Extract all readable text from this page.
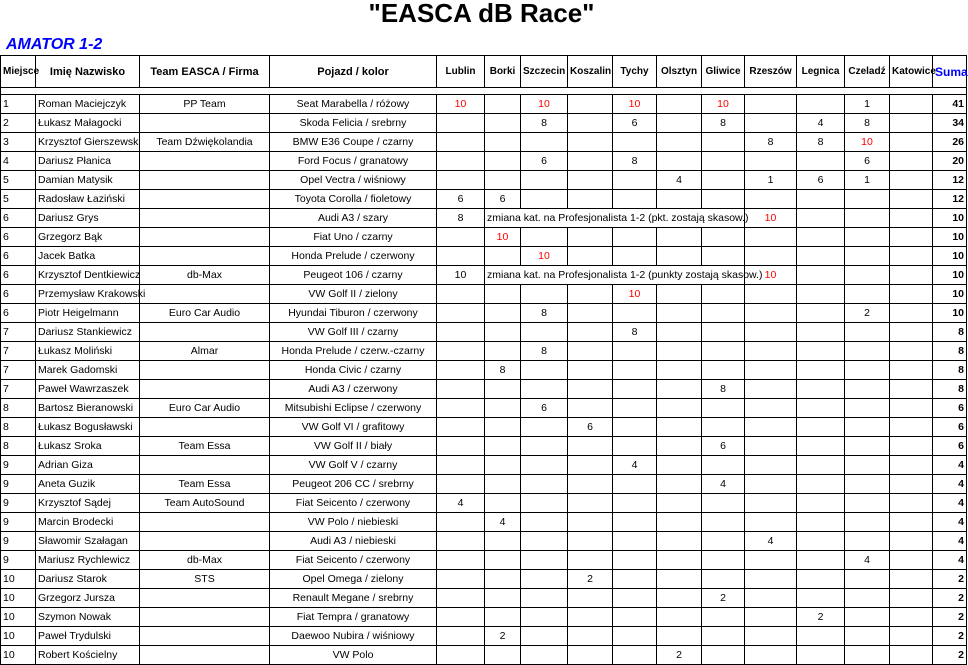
"EASCA dB Race"
AMATOR 1-2
Miejsce	Imię Nazwisko	Team EASCA / Firma	Pojazd / kolor	Lublin	Borki	Szczecin	Koszalin	Tychy	Olsztyn	Gliwice	Rzeszów	Legnica	Czeladź	Katowice	Suma

1	Roman Maciejczyk	PP Team	Seat Marabella / różowy	10		10		10		10			1		41
2	Łukasz Małagocki		Skoda Felicia / srebrny			8		6		8		4	8		34
3	Krzysztof Gierszewski	Team Dźwiękolandia	BMW E36 Coupe / czarny								8	8	10		26
4	Dariusz Płanica		Ford Focus / granatowy			6		8					6		20
5	Damian Matysik		Opel Vectra / wiśniowy						4		1	6	1		12
5	Radosław Łaziński		Toyota Corolla / fioletowy	6	6										12
6	Dariusz Grys		Audi A3 / szary	8	zmiana kat. na Profesjonalista 1-2 (pkt. zostają skasow.)						10				10
6	Grzegorz Bąk		Fiat Uno / czarny		10										10
6	Jacek Batka		Honda Prelude / czerwony			10									10
6	Krzysztof Dentkiewicz	db-Max	Peugeot 106 / czarny	10	zmiana kat. na Profesjonalista 1-2 (punkty zostają skasow.)						10				10
6	Przemysław Krakowski		VW Golf II / zielony					10							10
6	Piotr Heigelmann	Euro Car Audio	Hyundai Tiburon / czerwony			8							2		10
7	Dariusz Stankiewicz		VW Golf III / czarny					8							8
7	Łukasz Moliński	Almar	Honda Prelude / czerw.-czarny			8									8
7	Marek Gadomski		Honda Civic / czarny		8										8
7	Paweł Wawrzaszek		Audi A3 / czerwony							8					8
8	Bartosz Bieranowski	Euro Car Audio	Mitsubishi Eclipse / czerwony			6									6
8	Łukasz Bogusławski		VW Golf VI / grafitowy				6								6
8	Łukasz Sroka	Team Essa	VW Golf II / biały							6					6
9	Adrian Giza		VW Golf V / czarny					4							4
9	Aneta Guzik	Team Essa	Peugeot 206 CC / srebrny							4					4
9	Krzysztof Sądej	Team AutoSound	Fiat Seicento / czerwony	4											4
9	Marcin Brodecki		VW Polo / niebieski		4										4
9	Sławomir Szałagan		Audi A3 / niebieski								4				4
9	Mariusz Rychlewicz	db-Max	Fiat Seicento / czerwony										4		4
10	Dariusz Starok	STS	Opel Omega / zielony				2								2
10	Grzegorz Jursza		Renault Megane / srebrny							2					2
10	Szymon Nowak		Fiat Tempra / granatowy									2			2
10	Paweł Trydulski		Daewoo Nubira / wiśniowy		2										2
10	Robert Kościelny		VW Polo						2						2
